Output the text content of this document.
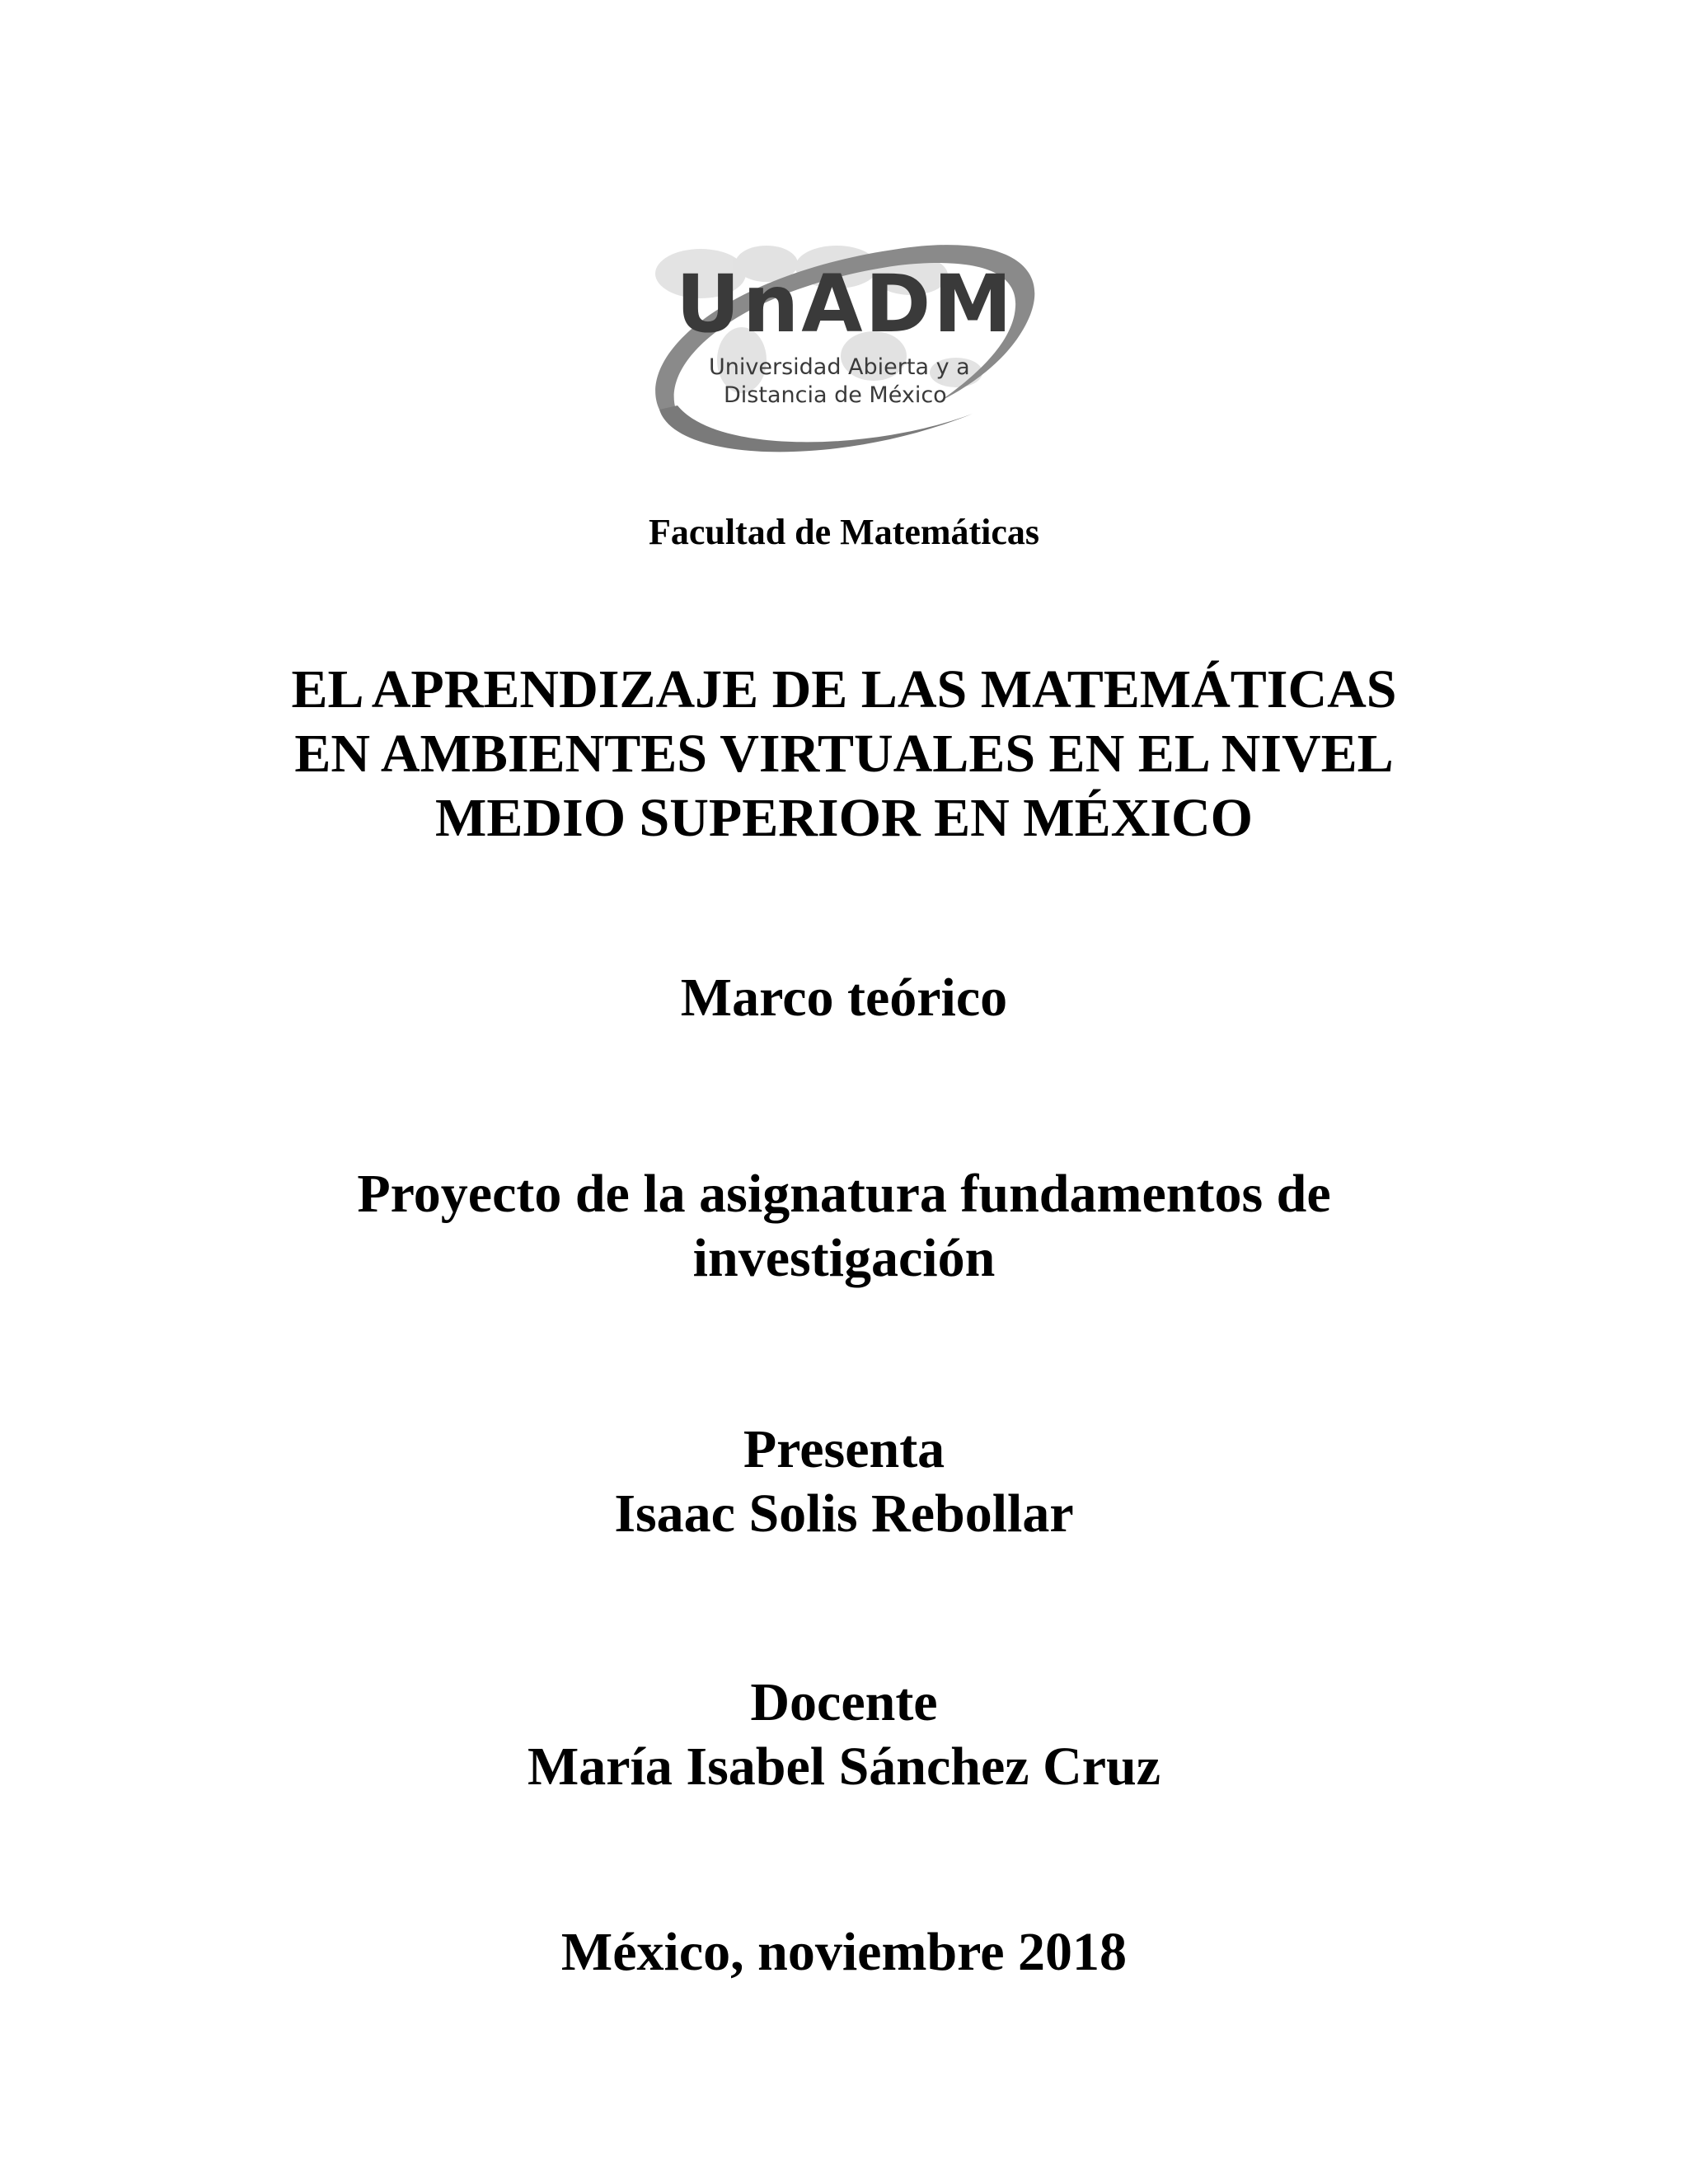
UnADM
Universidad Abierta y a
Distancia de México
Facultad de Matemáticas
EL APRENDIZAJE DE LAS MATEMÁTICAS
EN AMBIENTES VIRTUALES EN EL NIVEL
MEDIO SUPERIOR EN MÉXICO
Marco teórico
Proyecto de la asignatura fundamentos de
investigación
Presenta
Isaac Solis Rebollar
Docente
María Isabel Sánchez Cruz
México, noviembre 2018
